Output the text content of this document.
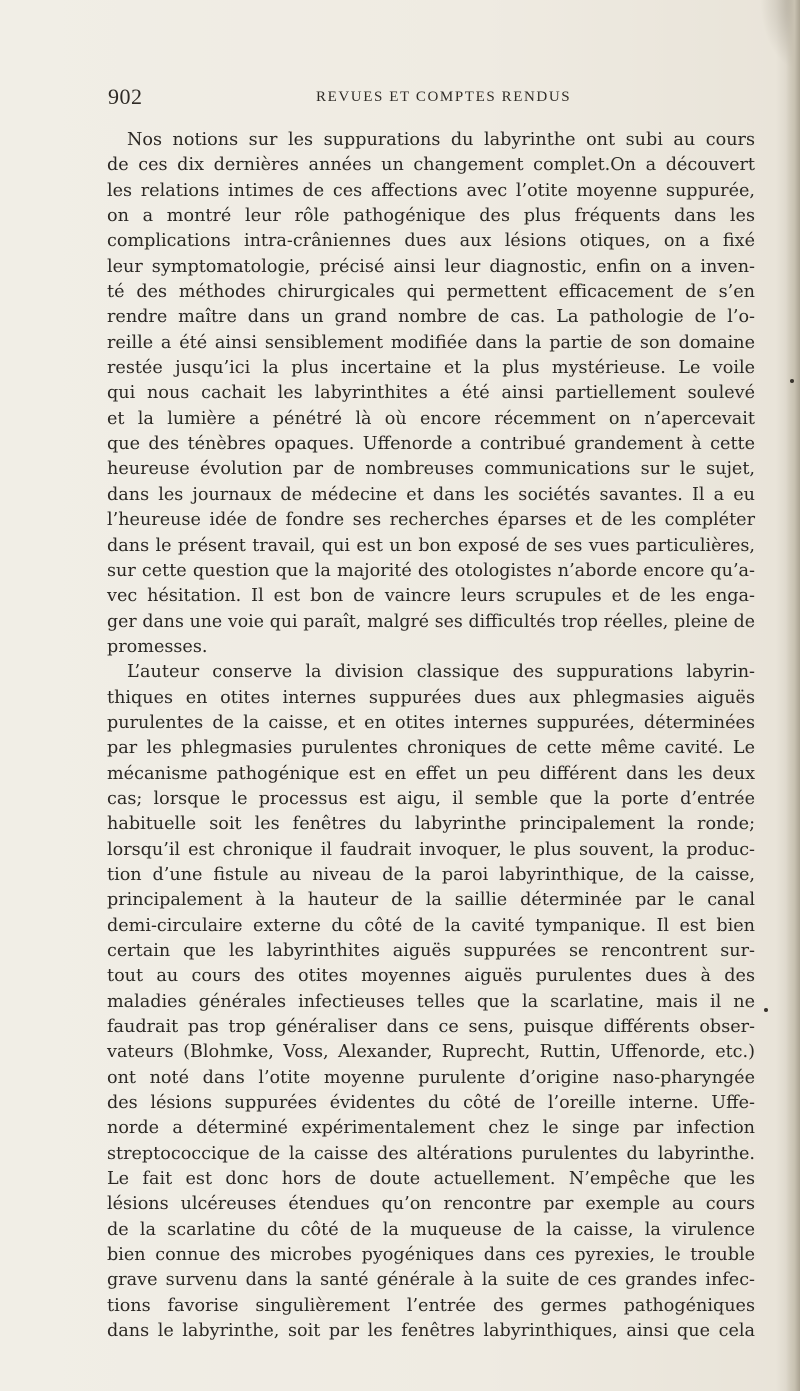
902	REVUES ET COMPTES RENDUS
Nos notions sur les suppurations du labyrinthe ont subi au cours
de ces dix dernières années un changement complet.On a découvert
les relations intimes de ces affections avec l’otite moyenne suppurée,
on a montré leur rôle pathogénique des plus fréquents dans les
complications intra-crâniennes dues aux lésions otiques, on a fixé
leur symptomatologie, précisé ainsi leur diagnostic, enfin on a inven-
té des méthodes chirurgicales qui permettent efficacement de s’en
rendre maître dans un grand nombre de cas. La pathologie de l’o-
reille a été ainsi sensiblement modifiée dans la partie de son domaine
restée jusqu’ici la plus incertaine et la plus mystérieuse. Le voile
qui nous cachait les labyrinthites a été ainsi partiellement soulevé
et la lumière a pénétré là où encore récemment on n’apercevait
que des ténèbres opaques. Uffenorde a contribué grandement à cette
heureuse évolution par de nombreuses communications sur le sujet,
dans les journaux de médecine et dans les sociétés savantes. Il a eu
l’heureuse idée de fondre ses recherches éparses et de les compléter
dans le présent travail, qui est un bon exposé de ses vues particulières,
sur cette question que la majorité des otologistes n’aborde encore qu’a-
vec hésitation. Il est bon de vaincre leurs scrupules et de les enga-
ger dans une voie qui paraît, malgré ses difficultés trop réelles, pleine de
promesses.
L’auteur conserve la division classique des suppurations labyrin-
thiques en otites internes suppurées dues aux phlegmasies aiguës
purulentes de la caisse, et en otites internes suppurées, déterminées
par les phlegmasies purulentes chroniques de cette même cavité. Le
mécanisme pathogénique est en effet un peu différent dans les deux
cas; lorsque le processus est aigu, il semble que la porte d’entrée
habituelle soit les fenêtres du labyrinthe principalement la ronde;
lorsqu’il est chronique il faudrait invoquer, le plus souvent, la produc-
tion d’une fistule au niveau de la paroi labyrinthique, de la caisse,
principalement à la hauteur de la saillie déterminée par le canal
demi-circulaire externe du côté de la cavité tympanique. Il est bien
certain que les labyrinthites aiguës suppurées se rencontrent sur-
tout au cours des otites moyennes aiguës purulentes dues à des
maladies générales infectieuses telles que la scarlatine, mais il ne
faudrait pas trop généraliser dans ce sens, puisque différents obser-
vateurs (Blohmke, Voss, Alexander, Ruprecht, Ruttin, Uffenorde, etc.)
ont noté dans l’otite moyenne purulente d’origine naso-pharyngée
des lésions suppurées évidentes du côté de l’oreille interne. Uffe-
norde a déterminé expérimentalement chez le singe par infection
streptococcique de la caisse des altérations purulentes du labyrinthe.
Le fait est donc hors de doute actuellement. N’empêche que les
lésions ulcéreuses étendues qu’on rencontre par exemple au cours
de la scarlatine du côté de la muqueuse de la caisse, la virulence
bien connue des microbes pyogéniques dans ces pyrexies, le trouble
grave survenu dans la santé générale à la suite de ces grandes infec-
tions favorise singulièrement l’entrée des germes pathogéniques
dans le labyrinthe, soit par les fenêtres labyrinthiques, ainsi que cela
